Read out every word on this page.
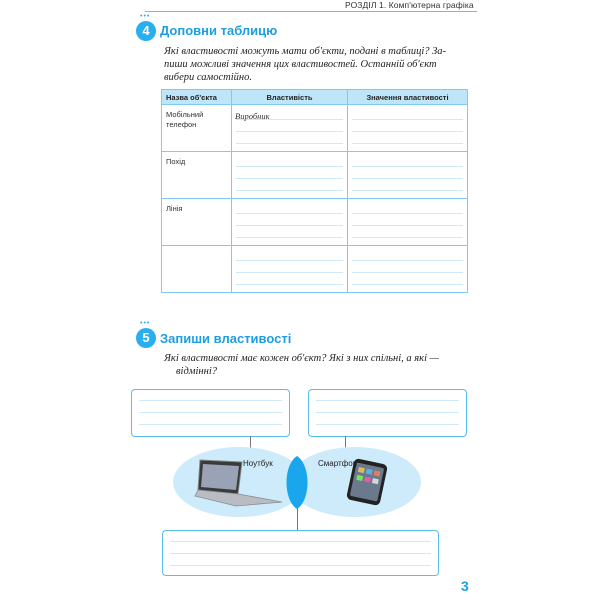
РОЗДІЛ 1. Комп'ютерна графіка
•••
4 Доповни таблицю
Які властивості можуть мати об'єкти, подані в таблиці? За-
пиши можливі значення цих властивостей. Останній об'єкт
вибери самостійно.
Назва об'єкта	Властивість	Значення властивості

Мобільний
телефон	Виробник	

Похід		

Лінія		

•••
5 Запиши властивості
Які властивості має кожен об'єкт? Які з них спільні, а які —
відмінні?
Ноутбук	Смартфон
3
